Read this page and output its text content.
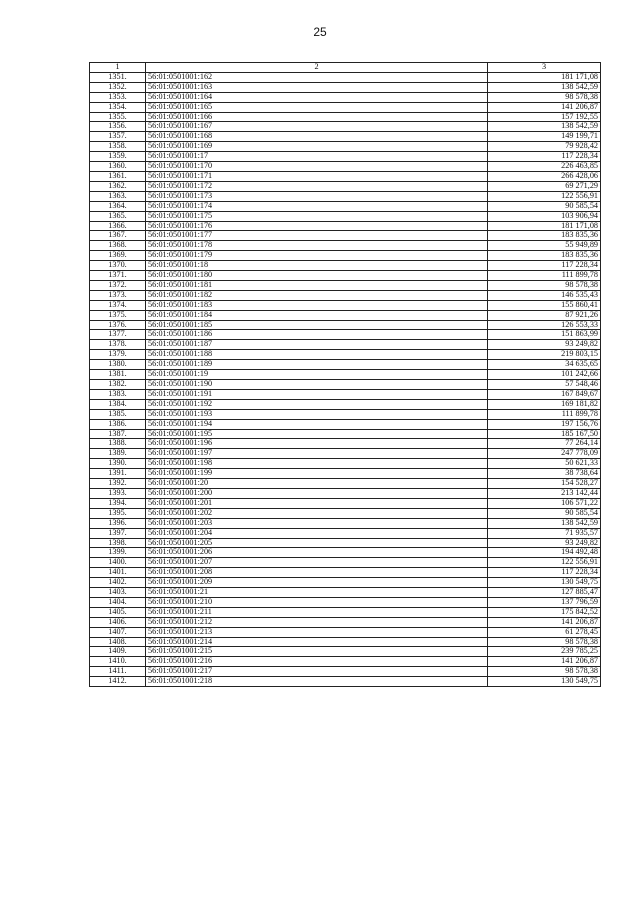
25
1	2	3
1351.	56:01:0501001:162	181 171,08
1352.	56:01:0501001:163	138 542,59
1353.	56:01:0501001:164	98 578,38
1354.	56:01:0501001:165	141 206,87
1355.	56:01:0501001:166	157 192,55
1356.	56:01:0501001:167	138 542,59
1357.	56:01:0501001:168	149 199,71
1358.	56:01:0501001:169	79 928,42
1359.	56:01:0501001:17	117 228,34
1360.	56:01:0501001:170	226 463,85
1361.	56:01:0501001:171	266 428,06
1362.	56:01:0501001:172	69 271,29
1363.	56:01:0501001:173	122 556,91
1364.	56:01:0501001:174	90 585,54
1365.	56:01:0501001:175	103 906,94
1366.	56:01:0501001:176	181 171,08
1367.	56:01:0501001:177	183 835,36
1368.	56:01:0501001:178	55 949,89
1369.	56:01:0501001:179	183 835,36
1370.	56:01:0501001:18	117 228,34
1371.	56:01:0501001:180	111 899,78
1372.	56:01:0501001:181	98 578,38
1373.	56:01:0501001:182	146 535,43
1374.	56:01:0501001:183	155 860,41
1375.	56:01:0501001:184	87 921,26
1376.	56:01:0501001:185	126 553,33
1377.	56:01:0501001:186	151 863,99
1378.	56:01:0501001:187	93 249,82
1379.	56:01:0501001:188	219 803,15
1380.	56:01:0501001:189	34 635,65
1381.	56:01:0501001:19	101 242,66
1382.	56:01:0501001:190	57 548,46
1383.	56:01:0501001:191	167 849,67
1384.	56:01:0501001:192	169 181,82
1385.	56:01:0501001:193	111 899,78
1386.	56:01:0501001:194	197 156,76
1387.	56:01:0501001:195	185 167,50
1388.	56:01:0501001:196	77 264,14
1389.	56:01:0501001:197	247 778,09
1390.	56:01:0501001:198	50 621,33
1391.	56:01:0501001:199	38 738,64
1392.	56:01:0501001:20	154 528,27
1393.	56:01:0501001:200	213 142,44
1394.	56:01:0501001:201	106 571,22
1395.	56:01:0501001:202	90 585,54
1396.	56:01:0501001:203	138 542,59
1397.	56:01:0501001:204	71 935,57
1398.	56:01:0501001:205	93 249,82
1399.	56:01:0501001:206	194 492,48
1400.	56:01:0501001:207	122 556,91
1401.	56:01:0501001:208	117 228,34
1402.	56:01:0501001:209	130 549,75
1403.	56:01:0501001:21	127 885,47
1404.	56:01:0501001:210	137 796,59
1405.	56:01:0501001:211	175 842,52
1406.	56:01:0501001:212	141 206,87
1407.	56:01:0501001:213	61 278,45
1408.	56:01:0501001:214	98 578,38
1409.	56:01:0501001:215	239 785,25
1410.	56:01:0501001:216	141 206,87
1411.	56:01:0501001:217	98 578,38
1412.	56:01:0501001:218	130 549,75
